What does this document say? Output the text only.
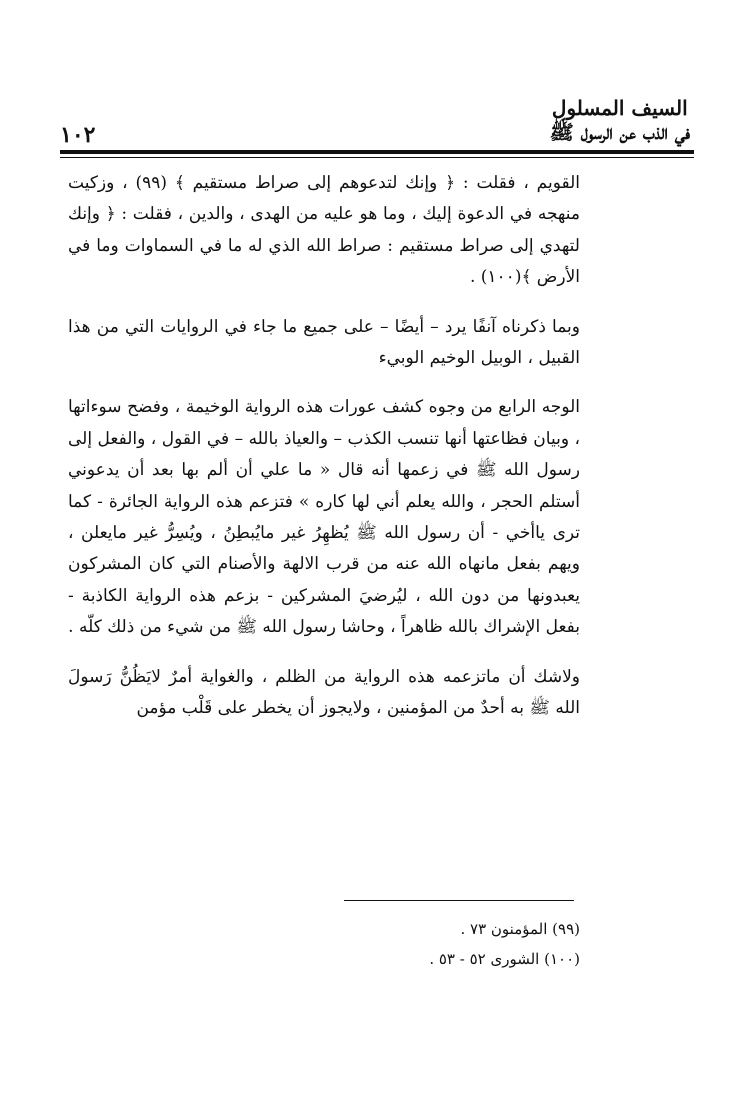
١٠٢
السيف المسلول
في الذب عن الرسول ﷺ

القويم ، فقلت : ﴿ وإنك لتدعوهم إلى صراط مستقيم ﴾ (٩٩) ، وزكيت منهجه في الدعوة إليك ، وما هو عليه من الهدى ، والدين ، فقلت : ﴿ وإنك لتهدي إلى صراط مستقيم : صراط الله الذي له ما في السماوات وما في الأرض ﴾(١٠٠) .

وبما ذكرناه آنفًا يرد – أيضًا – على جميع ما جاء في الروايات التي من هذا القبيل ، الوبيل الوخيم الوبيء

الوجه الرابع من وجوه كشف عورات هذه الرواية الوخيمة ، وفضح سوءاتها ، وبيان فظاعتها أنها تنسب الكذب – والعياذ بالله – في القول ، والفعل إلى رسول الله ﷺ في زعمها أنه قال « ما علي أن ألم بها بعد أن يدعوني أستلم الحجر ، والله يعلم أني لها كاره » فتزعم هذه الرواية الجائرة - كما ترى ياأخي - أن رسول الله ﷺ يُظهِرُ غير مايُبطِنُ ، ويُسِرُّ غير مايعلن ، ويهم بفعل مانهاه الله عنه من قرب الالهة والأصنام التي كان المشركون يعبدونها من دون الله ، ليُرضيَ المشركين - بزعم هذه الرواية الكاذبة - بفعل الإشراك بالله ظاهراً ، وحاشا رسول الله ﷺ من شيء من ذلك كلّه .

ولاشك أن ماتزعمه هذه الرواية من الظلم ، والغواية أمرٌ لايَظُنُّ رَسولَ الله ﷺ به أحدٌ من المؤمنين ، ولايجوز أن يخطر على قَلْب مؤمن

(٩٩) المؤمنون ٧٣ .
(١٠٠) الشورى ٥٢ - ٥٣ .
